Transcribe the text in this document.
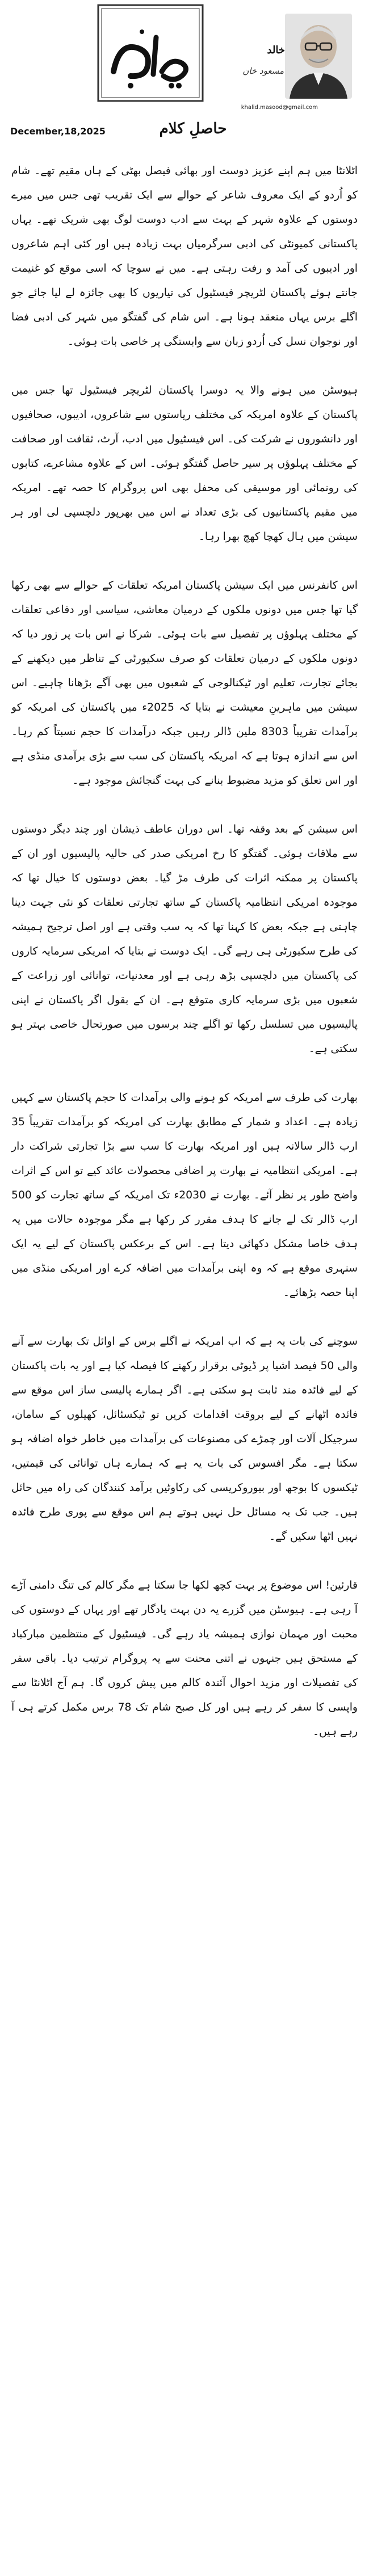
خالد
مسعود خان
khalid.masood@gmail.com
December,18,2025	حاصلِ کلام

اٹلانٹا میں ہم اپنے عزیز دوست اور بھائی فیصل بھٹی کے ہاں مقیم تھے۔ شام کو اُردو کے ایک معروف شاعر کے حوالے سے ایک تقریب تھی جس میں میرے دوستوں کے علاوہ شہر کے بہت سے ادب دوست لوگ بھی شریک تھے۔ یہاں پاکستانی کمیونٹی کی ادبی سرگرمیاں بہت زیادہ ہیں اور کئی اہم شاعروں اور ادیبوں کی آمد و رفت رہتی ہے۔ میں نے سوچا کہ اسی موقع کو غنیمت جانتے ہوئے پاکستان لٹریچر فیسٹیول کی تیاریوں کا بھی جائزہ لے لیا جائے جو اگلے برس یہاں منعقد ہونا ہے۔ اس شام کی گفتگو میں شہر کی ادبی فضا اور نوجوان نسل کی اُردو زبان سے وابستگی پر خاصی بات ہوئی۔

ہیوسٹن میں ہونے والا یہ دوسرا پاکستان لٹریچر فیسٹیول تھا جس میں پاکستان کے علاوہ امریکہ کی مختلف ریاستوں سے شاعروں، ادیبوں، صحافیوں اور دانشوروں نے شرکت کی۔ اس فیسٹیول میں ادب، آرٹ، ثقافت اور صحافت کے مختلف پہلوؤں پر سیر حاصل گفتگو ہوئی۔ اس کے علاوہ مشاعرے، کتابوں کی رونمائی اور موسیقی کی محفل بھی اس پروگرام کا حصہ تھے۔ امریکہ میں مقیم پاکستانیوں کی بڑی تعداد نے اس میں بھرپور دلچسپی لی اور ہر سیشن میں ہال کھچا کھچ بھرا رہا۔

اس کانفرنس میں ایک سیشن پاکستان امریکہ تعلقات کے حوالے سے بھی رکھا گیا تھا جس میں دونوں ملکوں کے درمیان معاشی، سیاسی اور دفاعی تعلقات کے مختلف پہلوؤں پر تفصیل سے بات ہوئی۔ شرکا نے اس بات پر زور دیا کہ دونوں ملکوں کے درمیان تعلقات کو صرف سکیورٹی کے تناظر میں دیکھنے کے بجائے تجارت، تعلیم اور ٹیکنالوجی کے شعبوں میں بھی آگے بڑھانا چاہیے۔ اس سیشن میں ماہرینِ معیشت نے بتایا کہ 2025ء میں پاکستان کی امریکہ کو برآمدات تقریباً 8303 ملین ڈالر رہیں جبکہ درآمدات کا حجم نسبتاً کم رہا۔ اس سے اندازہ ہوتا ہے کہ امریکہ پاکستان کی سب سے بڑی برآمدی منڈی ہے اور اس تعلق کو مزید مضبوط بنانے کی بہت گنجائش موجود ہے۔

اس سیشن کے بعد وقفہ تھا۔ اس دوران عاطف ذیشان اور چند دیگر دوستوں سے ملاقات ہوئی۔ گفتگو کا رخ امریکی صدر کی حالیہ پالیسیوں اور ان کے پاکستان پر ممکنہ اثرات کی طرف مڑ گیا۔ بعض دوستوں کا خیال تھا کہ موجودہ امریکی انتظامیہ پاکستان کے ساتھ تجارتی تعلقات کو نئی جہت دینا چاہتی ہے جبکہ بعض کا کہنا تھا کہ یہ سب وقتی ہے اور اصل ترجیح ہمیشہ کی طرح سکیورٹی ہی رہے گی۔ ایک دوست نے بتایا کہ امریکی سرمایہ کاروں کی پاکستان میں دلچسپی بڑھ رہی ہے اور معدنیات، توانائی اور زراعت کے شعبوں میں بڑی سرمایہ کاری متوقع ہے۔ ان کے بقول اگر پاکستان نے اپنی پالیسیوں میں تسلسل رکھا تو اگلے چند برسوں میں صورتحال خاصی بہتر ہو سکتی ہے۔

بھارت کی طرف سے امریکہ کو ہونے والی برآمدات کا حجم پاکستان سے کہیں زیادہ ہے۔ اعداد و شمار کے مطابق بھارت کی امریکہ کو برآمدات تقریباً 35 ارب ڈالر سالانہ ہیں اور امریکہ بھارت کا سب سے بڑا تجارتی شراکت دار ہے۔ امریکی انتظامیہ نے بھارت پر اضافی محصولات عائد کیے تو اس کے اثرات واضح طور پر نظر آئے۔ بھارت نے 2030ء تک امریکہ کے ساتھ تجارت کو 500 ارب ڈالر تک لے جانے کا ہدف مقرر کر رکھا ہے مگر موجودہ حالات میں یہ ہدف خاصا مشکل دکھائی دیتا ہے۔ اس کے برعکس پاکستان کے لیے یہ ایک سنہری موقع ہے کہ وہ اپنی برآمدات میں اضافہ کرے اور امریکی منڈی میں اپنا حصہ بڑھائے۔

سوچنے کی بات یہ ہے کہ اب امریکہ نے اگلے برس کے اوائل تک بھارت سے آنے والی 50 فیصد اشیا پر ڈیوٹی برقرار رکھنے کا فیصلہ کیا ہے اور یہ بات پاکستان کے لیے فائدہ مند ثابت ہو سکتی ہے۔ اگر ہمارے پالیسی ساز اس موقع سے فائدہ اٹھانے کے لیے بروقت اقدامات کریں تو ٹیکسٹائل، کھیلوں کے سامان، سرجیکل آلات اور چمڑے کی مصنوعات کی برآمدات میں خاطر خواہ اضافہ ہو سکتا ہے۔ مگر افسوس کی بات یہ ہے کہ ہمارے ہاں توانائی کی قیمتیں، ٹیکسوں کا بوجھ اور بیوروکریسی کی رکاوٹیں برآمد کنندگان کی راہ میں حائل ہیں۔ جب تک یہ مسائل حل نہیں ہوتے ہم اس موقع سے پوری طرح فائدہ نہیں اٹھا سکیں گے۔

قارئین! اس موضوع پر بہت کچھ لکھا جا سکتا ہے مگر کالم کی تنگ دامنی آڑے آ رہی ہے۔ ہیوسٹن میں گزرے یہ دن بہت یادگار تھے اور یہاں کے دوستوں کی محبت اور مہمان نوازی ہمیشہ یاد رہے گی۔ فیسٹیول کے منتظمین مبارکباد کے مستحق ہیں جنہوں نے اتنی محنت سے یہ پروگرام ترتیب دیا۔ باقی سفر کی تفصیلات اور مزید احوال آئندہ کالم میں پیش کروں گا۔ ہم آج اٹلانٹا سے واپسی کا سفر کر رہے ہیں اور کل صبح شام تک 78 برس مکمل کرتے ہی آ رہے ہیں۔
